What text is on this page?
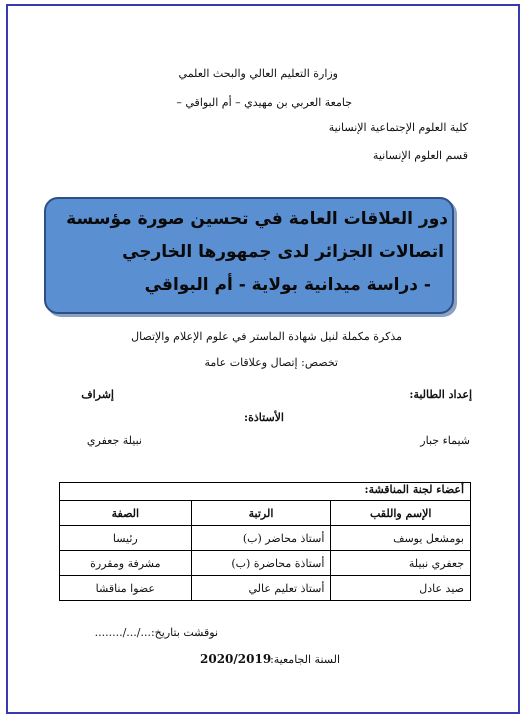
وزارة التعليم العالي والبحث العلمي
جامعة العربي بن مهيدي – أم البواقي –
كلية العلوم الإجتماعية الإنسانية
قسم العلوم الإنسانية
دور العلاقات العامة في تحسين صورة مؤسسة
اتصالات الجزائر لدى جمهورها الخارجي
- دراسة ميدانية بولاية - أم البواقي
مذكرة مكملة لنيل شهادة الماستر في علوم الإعلام والإتصال
تخصص: إتصال وعلاقات عامة
إعداد الطالبة:
إشراف
الأستاذة:
شيماء جبار
نبيلة جعفري
أعضاء لجنة المناقشة:		
الإسم واللقب	الرتبة	الصفة
بومشعل يوسف	أستاذ محاضر (ب)	رئيسا
جعفري نبيلة	أستاذة محاضرة (ب)	مشرفة ومقررة
صيد عادل	أستاذ تعليم عالي	عضوا مناقشا
نوقشت بتاريخ:.../.../........
السنة الجامعية:
2020/2019
